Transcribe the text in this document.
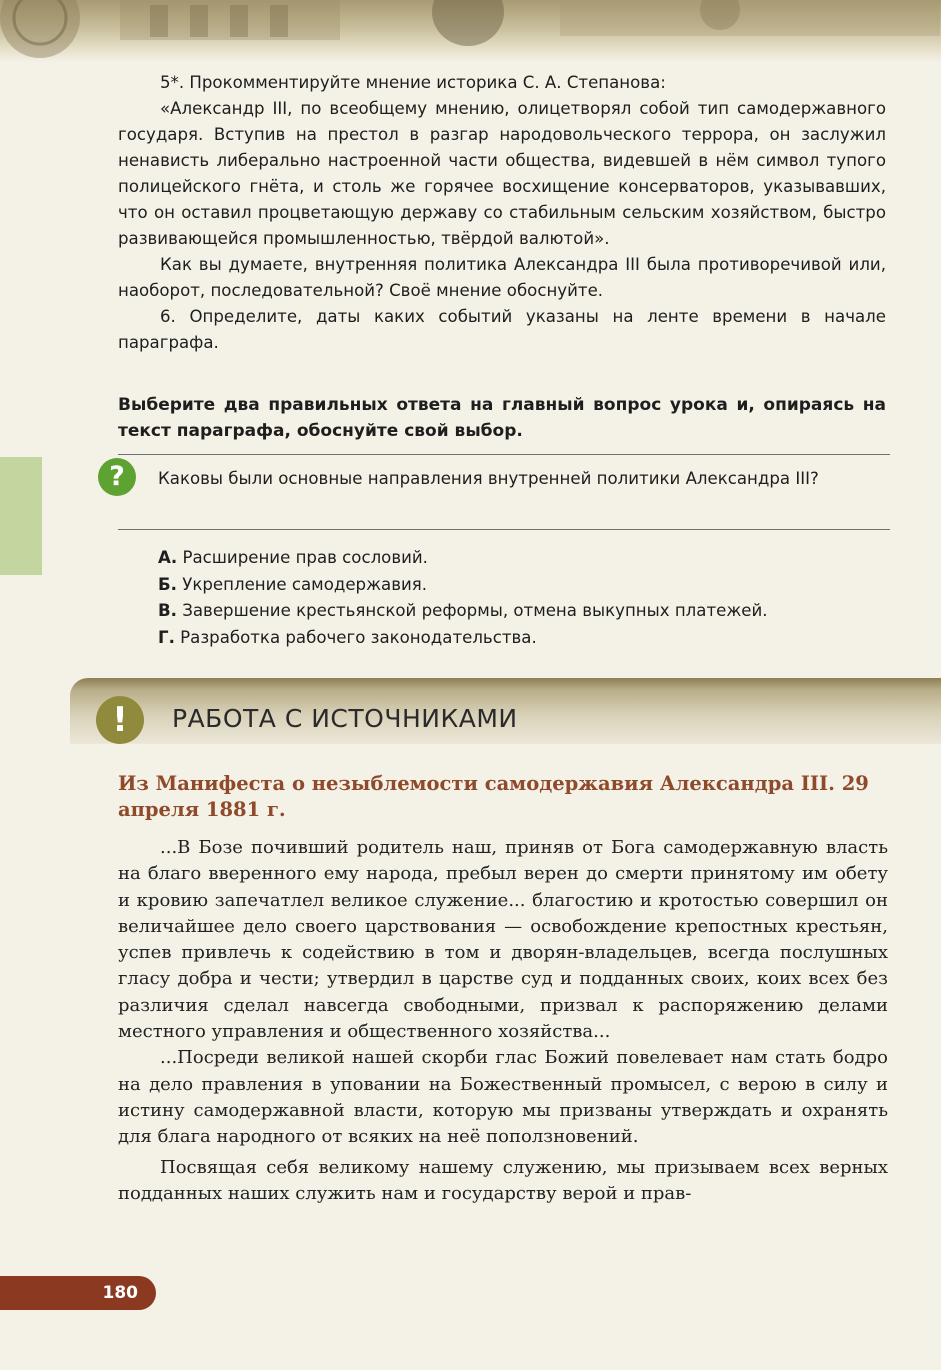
5*. Прокомментируйте мнение историка С. А. Степанова:

«Александр III, по всеобщему мнению, олицетворял собой тип самодержавного государя. Вступив на престол в разгар народовольческого террора, он заслужил ненависть либерально настроенной части общества, видевшей в нём символ тупого полицейского гнёта, и столь же горячее восхищение консерваторов, указывавших, что он оставил процветающую державу со стабильным сельским хозяйством, быстро развивающейся промышленностью, твёрдой валютой».

Как вы думаете, внутренняя политика Александра III была противоречивой или, наоборот, последовательной? Своё мнение обоснуйте.

6. Определите, даты каких событий указаны на ленте времени в начале параграфа.

Выберите два правильных ответа на главный вопрос урока и, опираясь на текст параграфа, обоснуйте свой выбор.

?	Каковы были основные направления внутренней политики Александра III?
А. Расширение прав сословий.
Б. Укрепление самодержавия.
В. Завершение крестьянской реформы, отмена выкупных платежей.
Г. Разработка рабочего законодательства.
!	РАБОТА С ИСТОЧНИКАМИ
Из Манифеста о незыблемости самодержавия Александра III. 29 апреля 1881 г.

...В Бозе почивший родитель наш, приняв от Бога самодержавную власть на благо вверенного ему народа, пребыл верен до смерти принятому им обету и кровию запечатлел великое служение... благостию и кротостью совершил он величайшее дело своего царствования — освобождение крепостных крестьян, успев привлечь к содействию в том и дворян-владельцев, всегда послушных гласу добра и чести; утвердил в царстве суд и подданных своих, коих всех без различия сделал навсегда свободными, призвал к распоряжению делами местного управления и общественного хозяйства...

...Посреди великой нашей скорби глас Божий повелевает нам стать бодро на дело правления в уповании на Божественный промысел, с верою в силу и истину самодержавной власти, которую мы призваны утверждать и охранять для блага народного от всяких на неё поползновений.

Посвящая себя великому нашему служению, мы призываем всех верных подданных наших служить нам и государству верой и прав-

180
